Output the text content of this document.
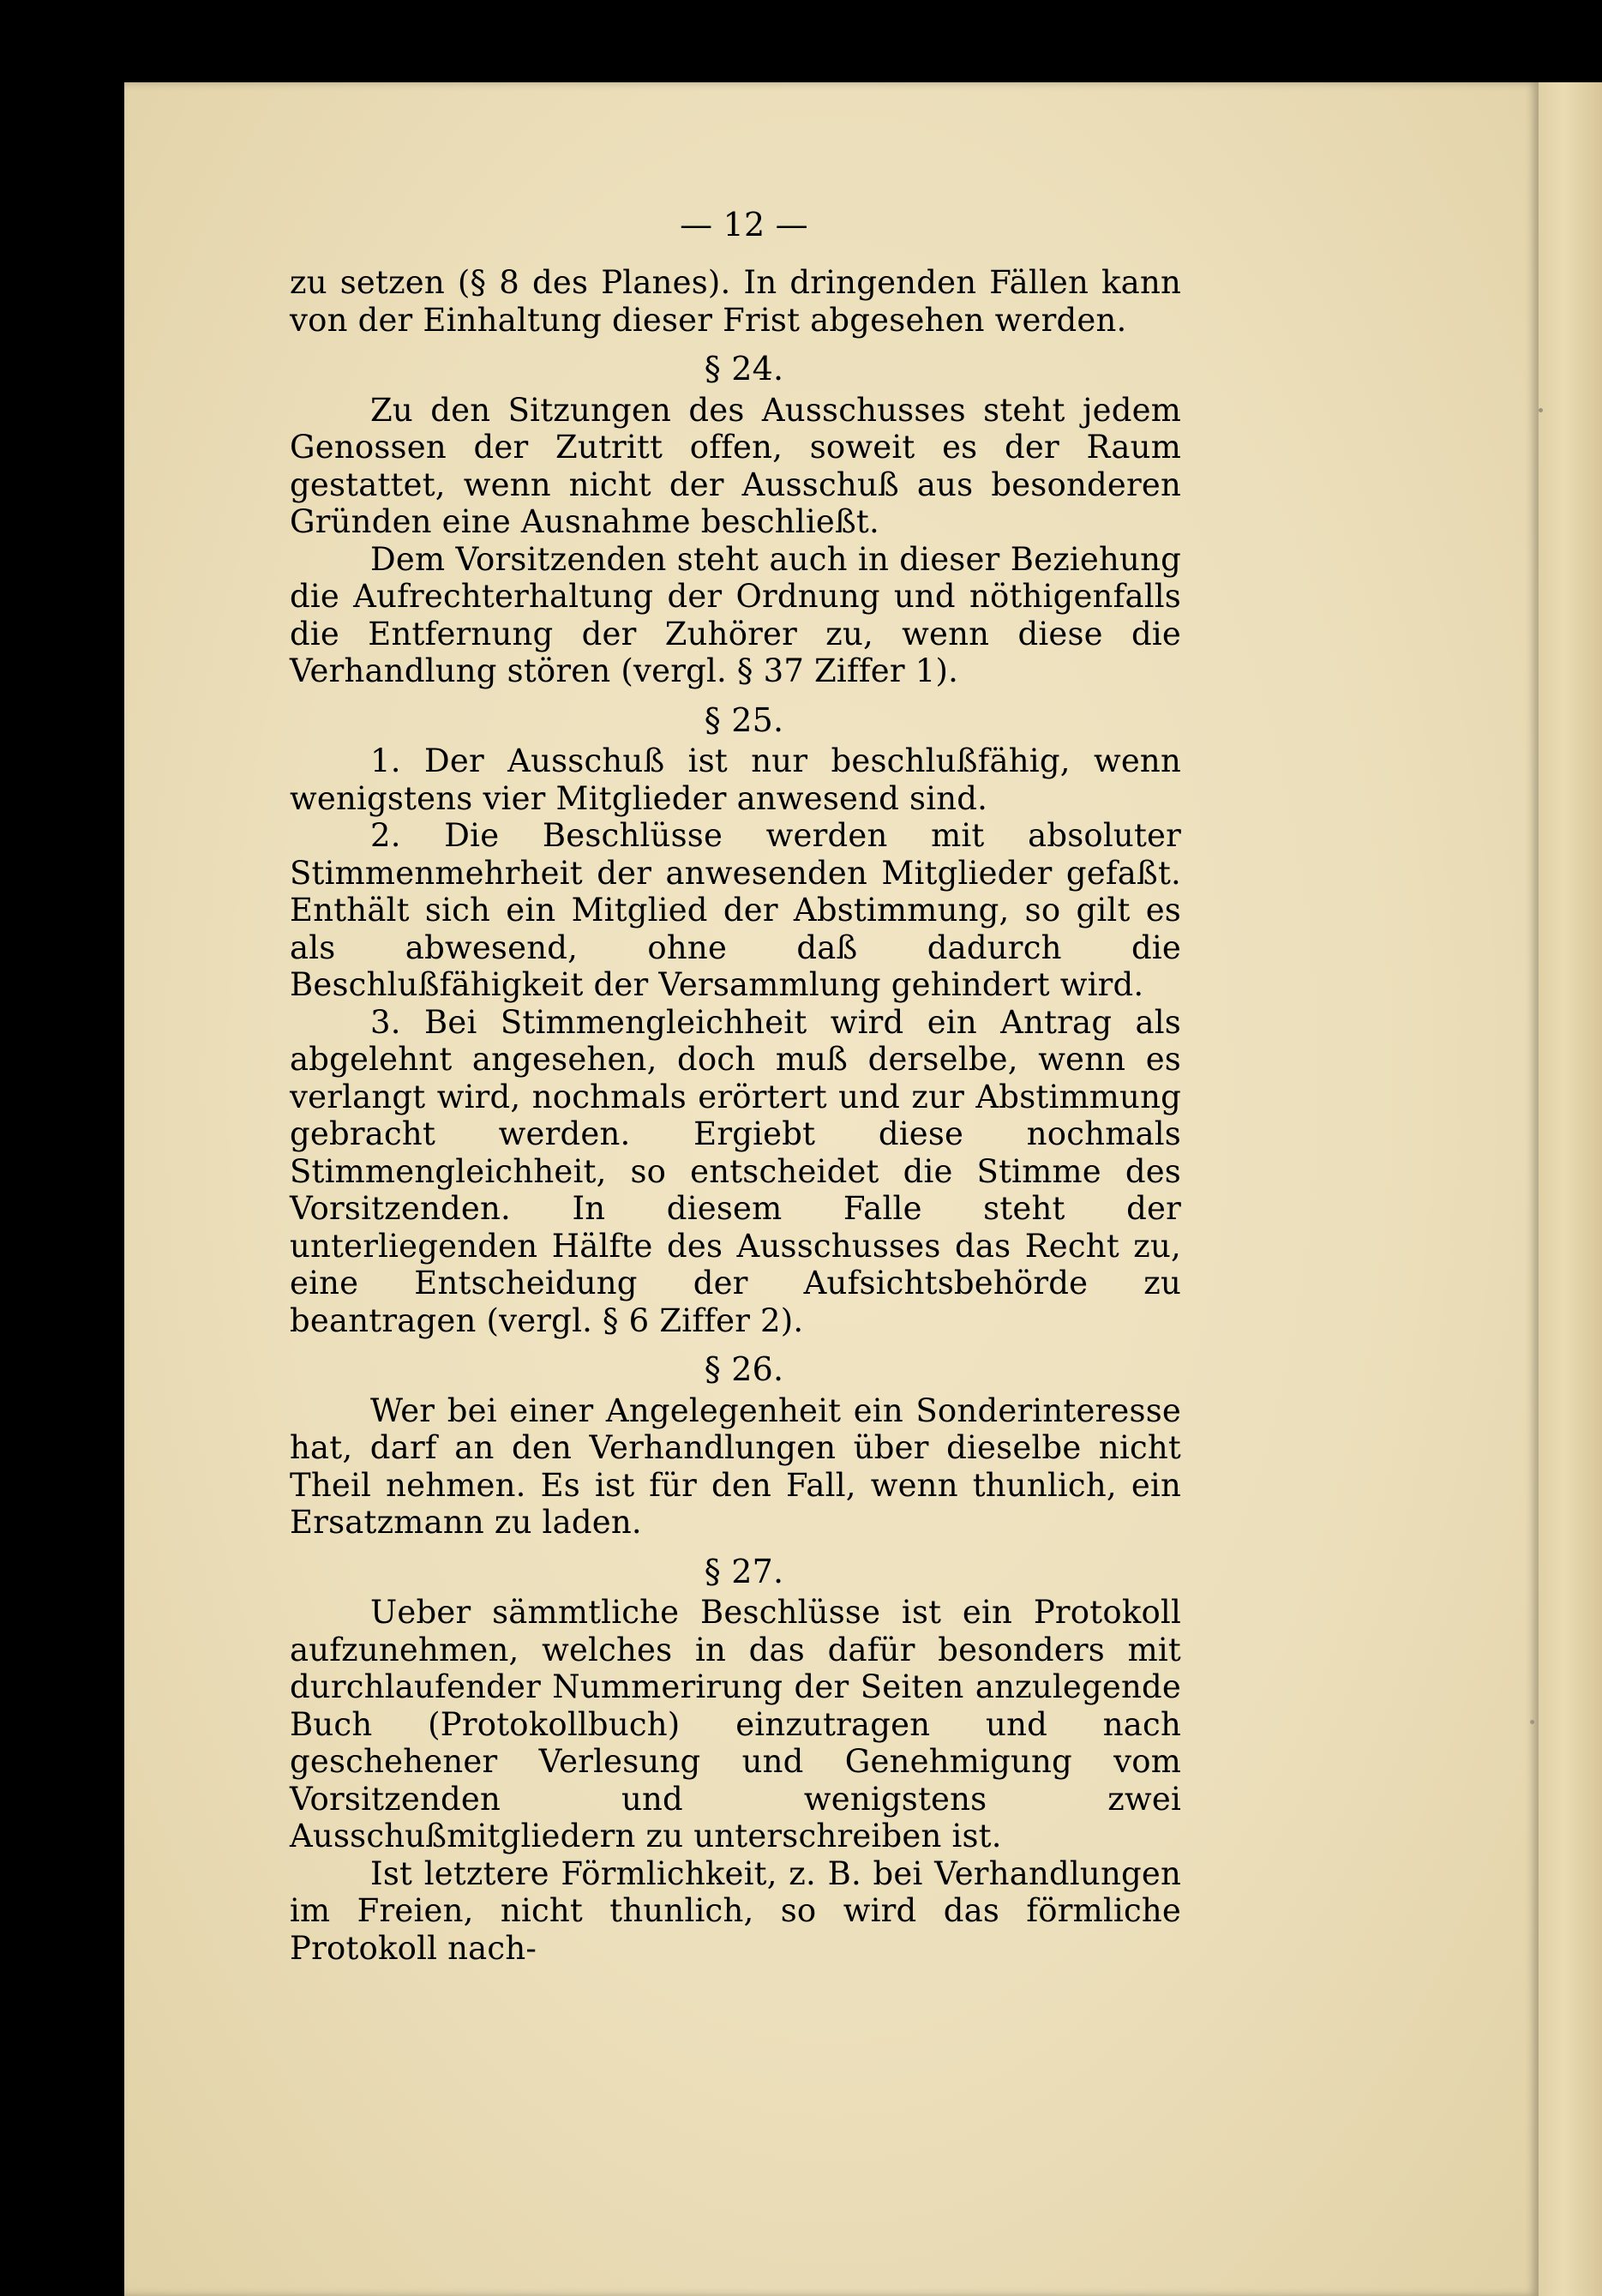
— 12 —

zu setzen (§ 8 des Planes). In dringenden Fällen kann von der Einhaltung dieser Frist abgesehen werden.

§ 24.

Zu den Sitzungen des Ausschusses steht jedem Genossen der Zutritt offen, soweit es der Raum gestattet, wenn nicht der Ausschuß aus besonderen Gründen eine Ausnahme beschließt.

Dem Vorsitzenden steht auch in dieser Beziehung die Aufrechterhaltung der Ordnung und nöthigenfalls die Entfernung der Zuhörer zu, wenn diese die Verhandlung stören (vergl. § 37 Ziffer 1).

§ 25.

1. Der Ausschuß ist nur beschlußfähig, wenn wenigstens vier Mitglieder anwesend sind.

2. Die Beschlüsse werden mit absoluter Stimmenmehrheit der anwesenden Mitglieder gefaßt. Enthält sich ein Mitglied der Abstimmung, so gilt es als abwesend, ohne daß dadurch die Beschlußfähigkeit der Versammlung gehindert wird.

3. Bei Stimmengleichheit wird ein Antrag als abgelehnt angesehen, doch muß derselbe, wenn es verlangt wird, nochmals erörtert und zur Abstimmung gebracht werden. Ergiebt diese nochmals Stimmengleichheit, so entscheidet die Stimme des Vorsitzenden. In diesem Falle steht der unterliegenden Hälfte des Ausschusses das Recht zu, eine Entscheidung der Aufsichtsbehörde zu beantragen (vergl. § 6 Ziffer 2).

§ 26.

Wer bei einer Angelegenheit ein Sonderinteresse hat, darf an den Verhandlungen über dieselbe nicht Theil nehmen. Es ist für den Fall, wenn thunlich, ein Ersatzmann zu laden.

§ 27.

Ueber sämmtliche Beschlüsse ist ein Protokoll aufzunehmen, welches in das dafür besonders mit durchlaufender Nummerirung der Seiten anzulegende Buch (Protokollbuch) einzutragen und nach geschehener Verlesung und Genehmigung vom Vorsitzenden und wenigstens zwei Ausschußmitgliedern zu unterschreiben ist.

Ist letztere Förmlichkeit, z. B. bei Verhandlungen im Freien, nicht thunlich, so wird das förmliche Protokoll nach-
